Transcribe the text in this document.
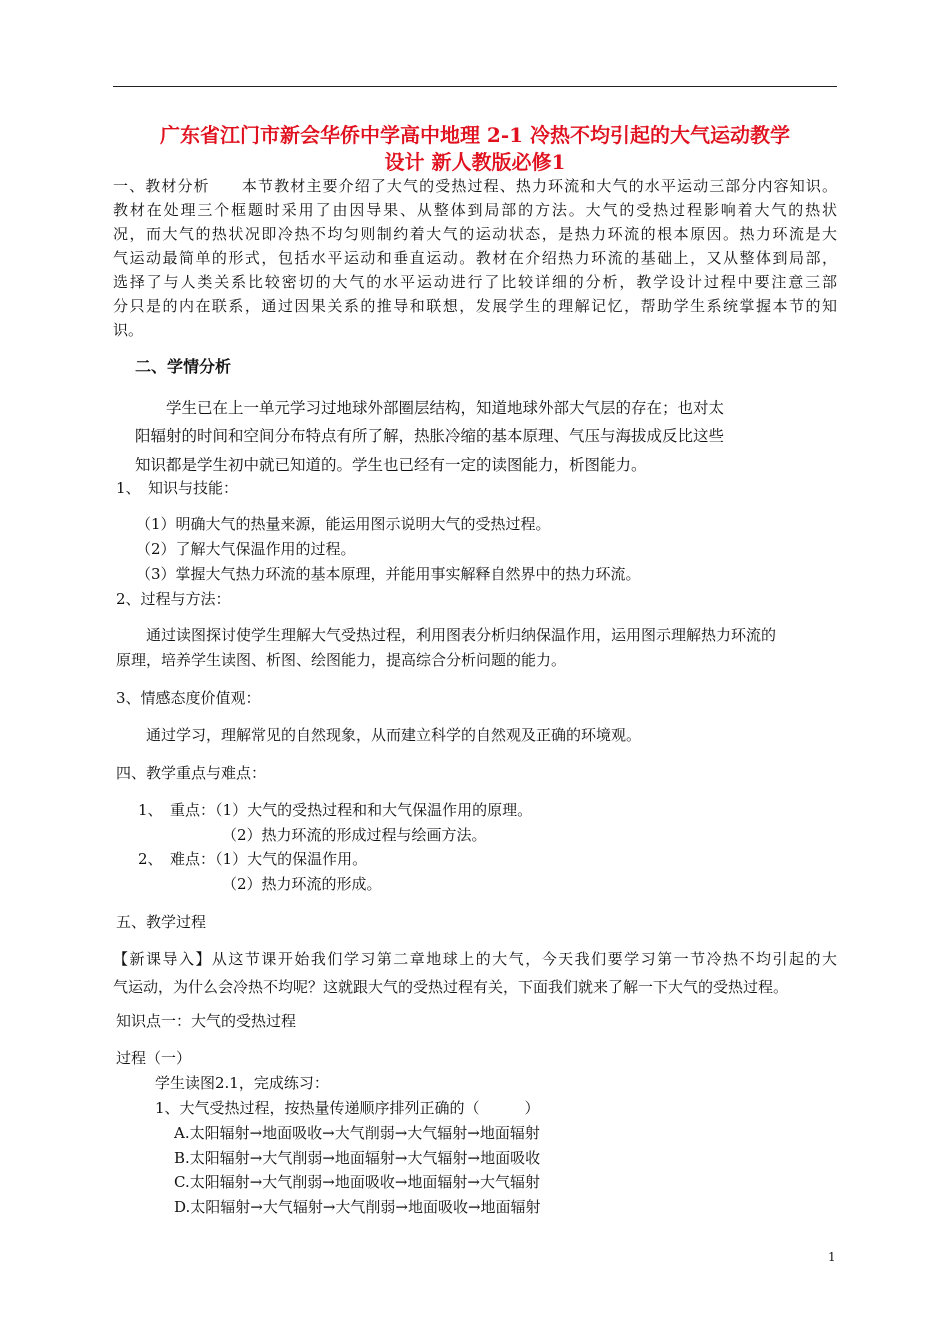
广东省江门市新会华侨中学高中地理 2-1 冷热不均引起的大气运动教学
设计 新人教版必修1
一、教材分析　　本节教材主要介绍了大气的受热过程、热力环流和大气的水平运动三部分内容知识。
教材在处理三个框题时采用了由因导果、从整体到局部的方法。大气的受热过程影响着大气的热状
况，而大气的热状况即冷热不均匀则制约着大气的运动状态，是热力环流的根本原因。热力环流是大
气运动最简单的形式，包括水平运动和垂直运动。教材在介绍热力环流的基础上，又从整体到局部，
选择了与人类关系比较密切的大气的水平运动进行了比较详细的分析，教学设计过程中要注意三部
分只是的内在联系，通过因果关系的推导和联想，发展学生的理解记忆，帮助学生系统掌握本节的知
识。
二、学情分析
学生已在上一单元学习过地球外部圈层结构，知道地球外部大气层的存在；也对太
阳辐射的时间和空间分布特点有所了解，热胀冷缩的基本原理、气压与海拔成反比这些
知识都是学生初中就已知道的。学生也已经有一定的读图能力，析图能力。
1、　知识与技能：
（1）明确大气的热量来源，能运用图示说明大气的受热过程。
（2）了解大气保温作用的过程。
（3）掌握大气热力环流的基本原理，并能用事实解释自然界中的热力环流。
2、过程与方法：
通过读图探讨使学生理解大气受热过程，利用图表分析归纳保温作用，运用图示理解热力环流的
原理，培养学生读图、析图、绘图能力，提高综合分析问题的能力。
3、情感态度价值观：
通过学习，理解常见的自然现象，从而建立科学的自然观及正确的环境观。
四、教学重点与难点：
1、　重点：（1）大气的受热过程和和大气保温作用的原理。
（2）热力环流的形成过程与绘画方法。
2、　难点：（1）大气的保温作用。
（2）热力环流的形成。
五、教学过程
【新课导入】从这节课开始我们学习第二章地球上的大气，今天我们要学习第一节冷热不均引起的大
气运动，为什么会冷热不均呢？这就跟大气的受热过程有关，下面我们就来了解一下大气的受热过程。
知识点一：大气的受热过程
过程（一）
学生读图2.1，完成练习：
1、大气受热过程，按热量传递顺序排列正确的（　　　）
A.太阳辐射→地面吸收→大气削弱→大气辐射→地面辐射
B.太阳辐射→大气削弱→地面辐射→大气辐射→地面吸收
C.太阳辐射→大气削弱→地面吸收→地面辐射→大气辐射
D.太阳辐射→大气辐射→大气削弱→地面吸收→地面辐射
1
